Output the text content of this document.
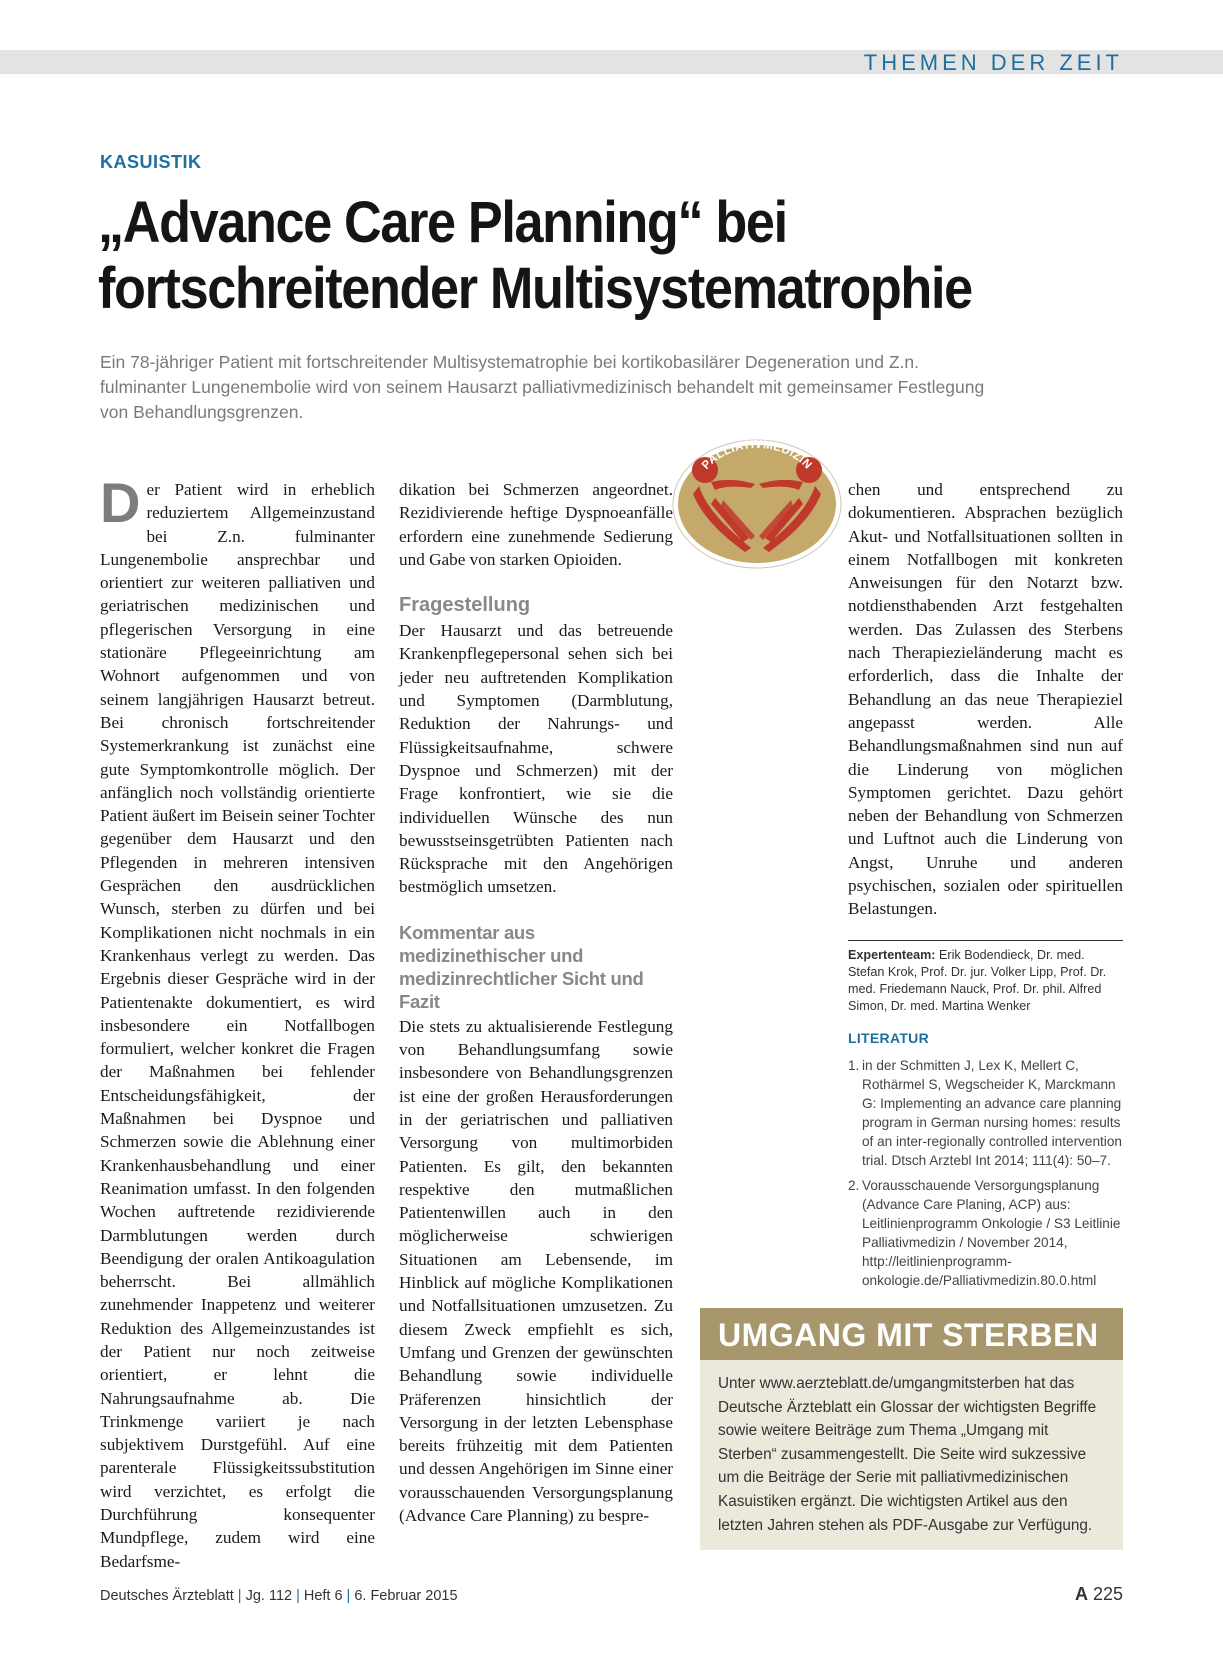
THEMEN DER ZEIT
KASUISTIK
„Advance Care Planning“ bei
fortschreitender Multisystematrophie

Ein 78-jähriger Patient mit fortschreitender Multisystematrophie bei kortikobasilärer Degeneration und Z.n. fulminanter Lungenembolie wird von seinem Hausarzt palliativmedizinisch behandelt mit gemeinsamer Festlegung von Behandlungsgrenzen.

D er Patient wird in erheblich reduziertem Allgemeinzustand bei Z.n. fulminanter Lungenembolie ansprechbar und orientiert zur weiteren palliativen und geriatrischen medizinischen und pflegerischen Versorgung in eine stationäre Pflegeeinrichtung am Wohnort aufgenommen und von seinem langjährigen Hausarzt betreut. Bei chronisch fortschreitender Systemerkrankung ist zunächst eine gute Symptomkontrolle möglich. Der anfänglich noch vollständig orientierte Patient äußert im Beisein seiner Tochter gegenüber dem Hausarzt und den Pflegenden in mehreren intensiven Gesprächen den ausdrücklichen Wunsch, sterben zu dürfen und bei Komplikationen nicht nochmals in ein Krankenhaus verlegt zu werden. Das Ergebnis dieser Gespräche wird in der Patientenakte dokumentiert, es wird insbesondere ein Notfallbogen formuliert, welcher konkret die Fragen der Maßnahmen bei fehlender Entscheidungsfähigkeit, der Maßnahmen bei Dyspnoe und Schmerzen sowie die Ablehnung einer Krankenhausbehandlung und einer Reanimation umfasst. In den folgenden Wochen auftretende rezidivierende Darmblutungen werden durch Beendigung der oralen Antikoagulation beherrscht. Bei allmählich zunehmender Inappetenz und weiterer Reduktion des Allgemeinzustandes ist der Patient nur noch zeitweise orientiert, er lehnt die Nahrungsaufnahme ab. Die Trinkmenge variiert je nach subjektivem Durstgefühl. Auf eine parenterale Flüssigkeitssubstitution wird verzichtet, es erfolgt die Durchführung konsequenter Mundpflege, zudem wird eine Bedarfsme-

dikation bei Schmerzen angeordnet. Rezidivierende heftige Dyspnoeanfälle erfordern eine zunehmende Sedierung und Gabe von starken Opioiden.

Fragestellung

Der Hausarzt und das betreuende Krankenpflegepersonal sehen sich bei jeder neu auftretenden Komplikation und Symptomen (Darmblutung, Reduktion der Nahrungs- und Flüssigkeitsaufnahme, schwere Dyspnoe und Schmerzen) mit der Frage konfrontiert, wie sie die individuellen Wünsche des nun bewusstseinsgetrübten Patienten nach Rücksprache mit den Angehörigen bestmöglich umsetzen.

Kommentar aus medizinethischer und medizinrechtlicher Sicht und Fazit

Die stets zu aktualisierende Festlegung von Behandlungsumfang sowie insbesondere von Behandlungsgrenzen ist eine der großen Herausforderungen in der geriatrischen und palliativen Versorgung von multimorbiden Patienten. Es gilt, den bekannten respektive den mutmaßlichen Patientenwillen auch in den möglicherweise schwierigen Situationen am Lebensende, im Hinblick auf mögliche Komplikationen und Notfallsituationen umzusetzen. Zu diesem Zweck empfiehlt es sich, Umfang und Grenzen der gewünschten Behandlung sowie individuelle Präferenzen hinsichtlich der Versorgung in der letzten Lebensphase bereits frühzeitig mit dem Patienten und dessen Angehörigen im Sinne einer vorausschauenden Versorgungsplanung (Advance Care Planning) zu bespre-

PALLIATIVMEDIZIN

chen und entsprechend zu dokumentieren. Absprachen bezüglich Akut- und Notfallsituationen sollten in einem Notfallbogen mit konkreten Anweisungen für den Notarzt bzw. notdiensthabenden Arzt festgehalten werden. Das Zulassen des Sterbens nach Therapiezieländerung macht es erforderlich, dass die Inhalte der Behandlung an das neue Therapieziel angepasst werden. Alle Behandlungsmaßnahmen sind nun auf die Linderung von möglichen Symptomen gerichtet. Dazu gehört neben der Behandlung von Schmerzen und Luftnot auch die Linderung von Angst, Unruhe und anderen psychischen, sozialen oder spirituellen Belastungen.

Expertenteam: Erik Bodendieck, Dr. med. Stefan Krok, Prof. Dr. jur. Volker Lipp, Prof. Dr. med. Friedemann Nauck, Prof. Dr. phil. Alfred Simon, Dr. med. Martina Wenker
LITERATUR
1. in der Schmitten J, Lex K, Mellert C, Rothärmel S, Wegscheider K, Marckmann G: Implementing an advance care planning program in German nursing homes: results of an inter-regionally controlled intervention trial. Dtsch Arztebl Int 2014; 111(4): 50–7.
2. Vorausschauende Versorgungsplanung (Advance Care Planing, ACP) aus: Leitlinienprogramm Onkologie / S3 Leitlinie Palliativmedizin / November 2014, http://leitlinienprogramm-onkologie.de/Palliativmedizin.80.0.html
UMGANG MIT STERBEN
Unter www.aerzteblatt.de/umgangmitsterben hat das Deutsche Ärzteblatt ein Glossar der wichtigsten Begriffe sowie weitere Beiträge zum Thema „Umgang mit Sterben“ zusammengestellt. Die Seite wird sukzessive um die Beiträge der Serie mit palliativmedizinischen Kasuistiken ergänzt. Die wichtigsten Artikel aus den letzten Jahren stehen als PDF-Ausgabe zur Verfügung.
Deutsches Ärzteblatt | Jg. 112 | Heft 6 | 6. Februar 2015	A 225
